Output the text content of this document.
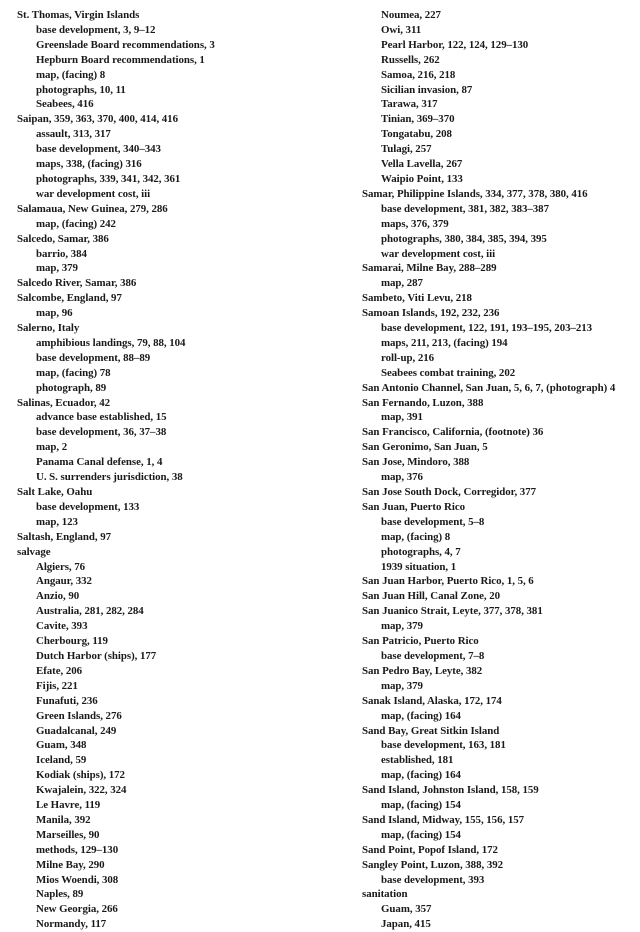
St. Thomas, Virgin Islands
base development, 3, 9–12
Greenslade Board recommendations, 3
Hepburn Board recommendations, 1
map, (facing) 8
photographs, 10, 11
Seabees, 416
Saipan, 359, 363, 370, 400, 414, 416
assault, 313, 317
base development, 340–343
maps, 338, (facing) 316
photographs, 339, 341, 342, 361
war development cost, iii
Salamaua, New Guinea, 279, 286
map, (facing) 242
Salcedo, Samar, 386
barrio, 384
map, 379
Salcedo River, Samar, 386
Salcombe, England, 97
map, 96
Salerno, Italy
amphibious landings, 79, 88, 104
base development, 88–89
map, (facing) 78
photograph, 89
Salinas, Ecuador, 42
advance base established, 15
base development, 36, 37–38
map, 2
Panama Canal defense, 1, 4
U. S. surrenders jurisdiction, 38
Salt Lake, Oahu
base development, 133
map, 123
Saltash, England, 97
salvage
Algiers, 76
Angaur, 332
Anzio, 90
Australia, 281, 282, 284
Cavite, 393
Cherbourg, 119
Dutch Harbor (ships), 177
Efate, 206
Fijis, 221
Funafuti, 236
Green Islands, 276
Guadalcanal, 249
Guam, 348
Iceland, 59
Kodiak (ships), 172
Kwajalein, 322, 324
Le Havre, 119
Manila, 392
Marseilles, 90
methods, 129–130
Milne Bay, 290
Mios Woendi, 308
Naples, 89
New Georgia, 266
Normandy, 117
Noumea, 227
Owi, 311
Pearl Harbor, 122, 124, 129–130
Russells, 262
Samoa, 216, 218
Sicilian invasion, 87
Tarawa, 317
Tinian, 369–370
Tongatabu, 208
Tulagi, 257
Vella Lavella, 267
Waipio Point, 133
Samar, Philippine Islands, 334, 377, 378, 380, 416
base development, 381, 382, 383–387
maps, 376, 379
photographs, 380, 384, 385, 394, 395
war development cost, iii
Samarai, Milne Bay, 288–289
map, 287
Sambeto, Viti Levu, 218
Samoan Islands, 192, 232, 236
base development, 122, 191, 193–195, 203–213
maps, 211, 213, (facing) 194
roll-up, 216
Seabees combat training, 202
San Antonio Channel, San Juan, 5, 6, 7, (photograph) 4
San Fernando, Luzon, 388
map, 391
San Francisco, California, (footnote) 36
San Geronimo, San Juan, 5
San Jose, Mindoro, 388
map, 376
San Jose South Dock, Corregidor, 377
San Juan, Puerto Rico
base development, 5–8
map, (facing) 8
photographs, 4, 7
1939 situation, 1
San Juan Harbor, Puerto Rico, 1, 5, 6
San Juan Hill, Canal Zone, 20
San Juanico Strait, Leyte, 377, 378, 381
map, 379
San Patricio, Puerto Rico
base development, 7–8
San Pedro Bay, Leyte, 382
map, 379
Sanak Island, Alaska, 172, 174
map, (facing) 164
Sand Bay, Great Sitkin Island
base development, 163, 181
established, 181
map, (facing) 164
Sand Island, Johnston Island, 158, 159
map, (facing) 154
Sand Island, Midway, 155, 156, 157
map, (facing) 154
Sand Point, Popof Island, 172
Sangley Point, Luzon, 388, 392
base development, 393
sanitation
Guam, 357
Japan, 415
